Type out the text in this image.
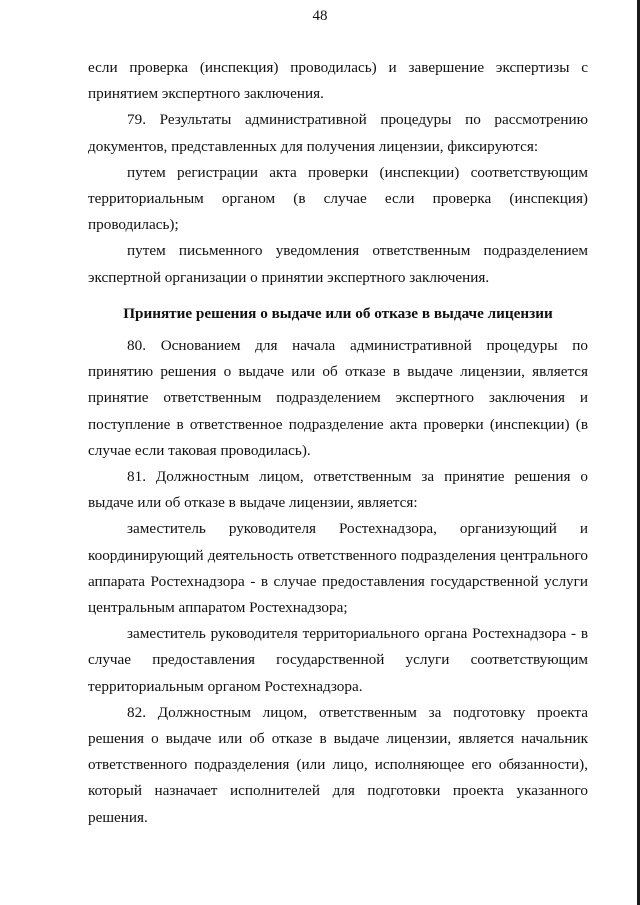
48

если проверка (инспекция) проводилась) и завершение экспертизы с принятием экспертного заключения.

79. Результаты административной процедуры по рассмотрению документов, представленных для получения лицензии, фиксируются:

путем регистрации акта проверки (инспекции) соответствующим территориальным органом (в случае если проверка (инспекция) проводилась);

путем письменного уведомления ответственным подразделением экспертной организации о принятии экспертного заключения.

Принятие решения о выдаче или об отказе в выдаче лицензии

80. Основанием для начала административной процедуры по принятию решения о выдаче или об отказе в выдаче лицензии, является принятие ответственным подразделением экспертного заключения и поступление в ответственное подразделение акта проверки (инспекции) (в случае если таковая проводилась).

81. Должностным лицом, ответственным за принятие решения о выдаче или об отказе в выдаче лицензии, является:

заместитель руководителя Ростехнадзора, организующий и координирующий деятельность ответственного подразделения центрального аппарата Ростехнадзора - в случае предоставления государственной услуги центральным аппаратом Ростехнадзора;

заместитель руководителя территориального органа Ростехнадзора - в случае предоставления государственной услуги соответствующим территориальным органом Ростехнадзора.

82. Должностным лицом, ответственным за подготовку проекта решения о выдаче или об отказе в выдаче лицензии, является начальник ответственного подразделения (или лицо, исполняющее его обязанности), который назначает исполнителей для подготовки проекта указанного решения.
